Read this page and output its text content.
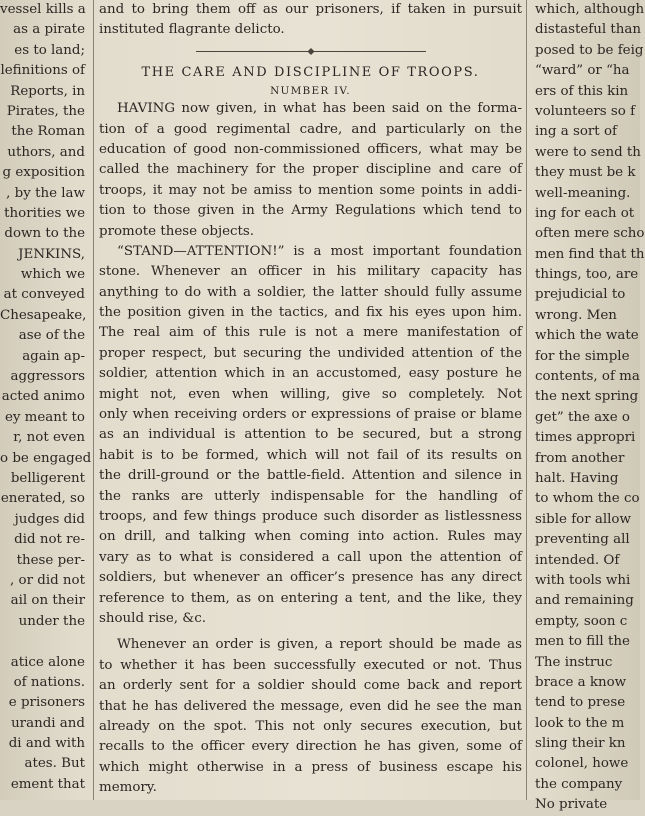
vessel kills a
as a pirate
es to land;
lefinitions of
Reports, in
Pirates, the
the Roman
uthors, and
g exposition
, by the law
thorities we
down to the
JENKINS,
which we
at conveyed
Chesapeake,
ase of the
again ap-
aggressors
acted animo
ey meant to
r, not even
o be engaged
belligerent
enerated, so
judges did
did not re-
these per-
, or did not
ail on their
under the
atice alone
of nations.
e prisoners
urandi and
di and with
ates. But
ement that
and to bring them off as our prisoners, if taken in pursuit
instituted flagrante delicto.
THE CARE AND DISCIPLINE OF TROOPS.
NUMBER IV.
HAVING now given, in what has been said on the forma-
tion of a good regimental cadre, and particularly on the
education of good non-commissioned officers, what may be
called the machinery for the proper discipline and care of
troops, it may not be amiss to mention some points in addi-
tion to those given in the Army Regulations which tend to
promote these objects.
“STAND—ATTENTION!” is a most important foundation
stone. Whenever an officer in his military capacity has
anything to do with a soldier, the latter should fully assume
the position given in the tactics, and fix his eyes upon him.
The real aim of this rule is not a mere manifestation of
proper respect, but securing the undivided attention of the
soldier, attention which in an accustomed, easy posture he
might not, even when willing, give so completely. Not
only when receiving orders or expressions of praise or blame
as an individual is attention to be secured, but a strong
habit is to be formed, which will not fail of its results on
the drill-ground or the battle-field. Attention and silence in
the ranks are utterly indispensable for the handling of
troops, and few things produce such disorder as listlessness
on drill, and talking when coming into action. Rules may
vary as to what is considered a call upon the attention of
soldiers, but whenever an officer’s presence has any direct
reference to them, as on entering a tent, and the like, they
should rise, &c.
Whenever an order is given, a report should be made as
to whether it has been successfully executed or not. Thus
an orderly sent for a soldier should come back and report
that he has delivered the message, even did he see the man
already on the spot. This not only secures execution, but
recalls to the officer every direction he has given, some of
which might otherwise in a press of business escape his
memory.
which, although
distasteful than
posed to be feig
“ward” or “ha
ers of this kin
volunteers so f
ing a sort of
were to send th
they must be k
well-meaning.
ing for each ot
often mere scho
men find that th
things, too, are
prejudicial to
wrong. Men
which the wate
for the simple
contents, of ma
the next spring
get” the axe o
times appropri
from another
halt. Having
to whom the co
sible for allow
preventing all
intended. Of
with tools whi
and remaining
empty, soon c
men to fill the
The instruc
brace a know
tend to prese
look to the m
sling their kn
colonel, howe
the company
No private
